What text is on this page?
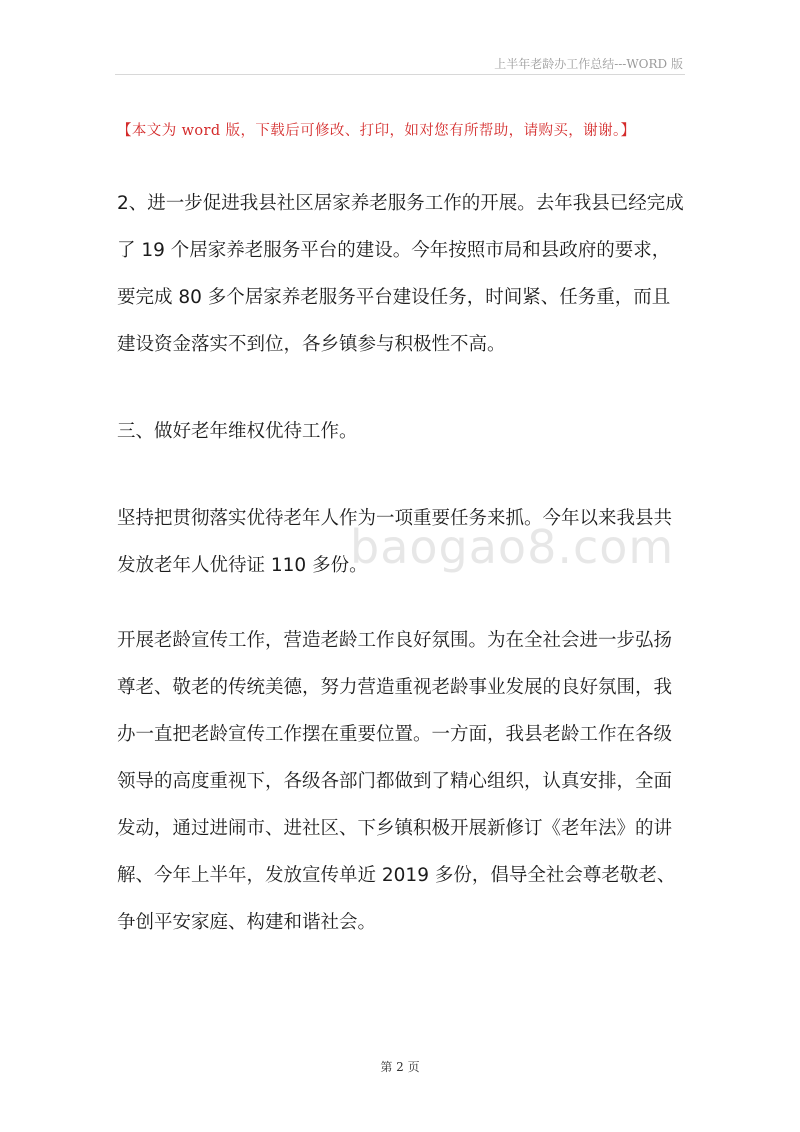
上半年老龄办工作总结---WORD 版
【本文为 word 版，下载后可修改、打印，如对您有所帮助，请购买，谢谢。】

2、进一步促进我县社区居家养老服务工作的开展。去年我县已经完成了 19 个居家养老服务平台的建设。今年按照市局和县政府的要求，要完成 80 多个居家养老服务平台建设任务，时间紧、任务重，而且建设资金落实不到位，各乡镇参与积极性不高。

三、做好老年维权优待工作。

坚持把贯彻落实优待老年人作为一项重要任务来抓。今年以来我县共发放老年人优待证 110 多份。

开展老龄宣传工作，营造老龄工作良好氛围。为在全社会进一步弘扬尊老、敬老的传统美德，努力营造重视老龄事业发展的良好氛围，我办一直把老龄宣传工作摆在重要位置。一方面，我县老龄工作在各级领导的高度重视下，各级各部门都做到了精心组织，认真安排，全面发动，通过进闹市、进社区、下乡镇积极开展新修订《老年法》的讲解、今年上半年，发放宣传单近 2019 多份，倡导全社会尊老敬老、争创平安家庭、构建和谐社会。

baogao8.com
第 2 页
